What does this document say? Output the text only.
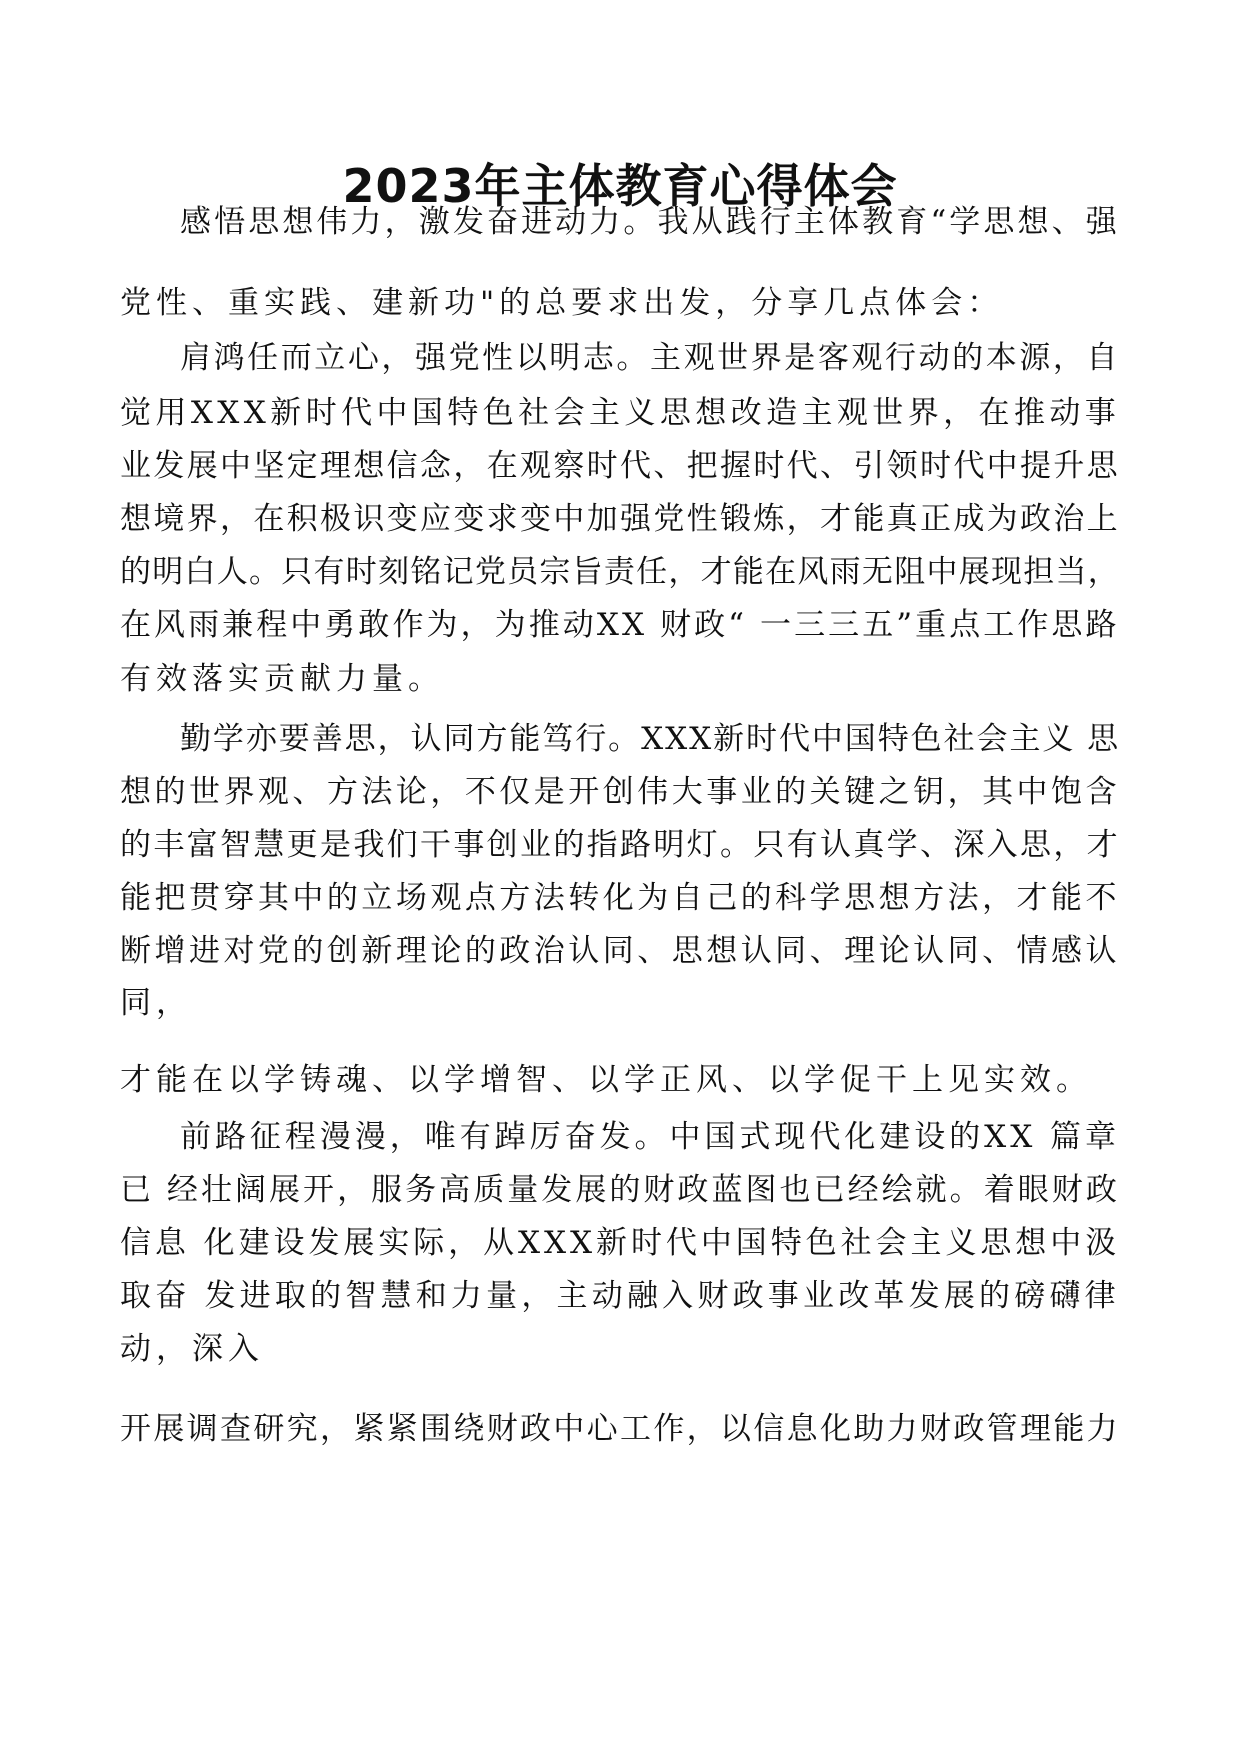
2023年主体教育心得体会

感悟思想伟力，激发奋进动力。我从践行主体教育“学思想、强

党性、重实践、建新功"的总要求出发，分享几点体会：

肩鸿任而立心，强党性以明志。主观世界是客观行动的本源，自

觉用XXX新时代中国特色社会主义思想改造主观世界，在推动事

业发展中坚定理想信念，在观察时代、把握时代、引领时代中提升思

想境界，在积极识变应变求变中加强党性锻炼，才能真正成为政治上

的明白人。只有时刻铭记党员宗旨责任，才能在风雨无阻中展现担当，

在风雨兼程中勇敢作为，为推动XX 财政“ 一三三五”重点工作思路

有效落实贡献力量。

勤学亦要善思，认同方能笃行。XXX新时代中国特色社会主义 思

想的世界观、方法论，不仅是开创伟大事业的关键之钥，其中饱含

的丰富智慧更是我们干事创业的指路明灯。只有认真学、深入思，才

能把贯穿其中的立场观点方法转化为自己的科学思想方法，才能不

断增进对党的创新理论的政治认同、思想认同、理论认同、情感认

同，

才能在以学铸魂、以学增智、以学正风、以学促干上见实效。

前路征程漫漫，唯有踔厉奋发。中国式现代化建设的XX 篇章

已 经壮阔展开，服务高质量发展的财政蓝图也已经绘就。着眼财政

信息 化建设发展实际，从XXX新时代中国特色社会主义思想中汲

取奋 发进取的智慧和力量，主动融入财政事业改革发展的磅礴律

动，深入

开展调查研究，紧紧围绕财政中心工作，以信息化助力财政管理能力
